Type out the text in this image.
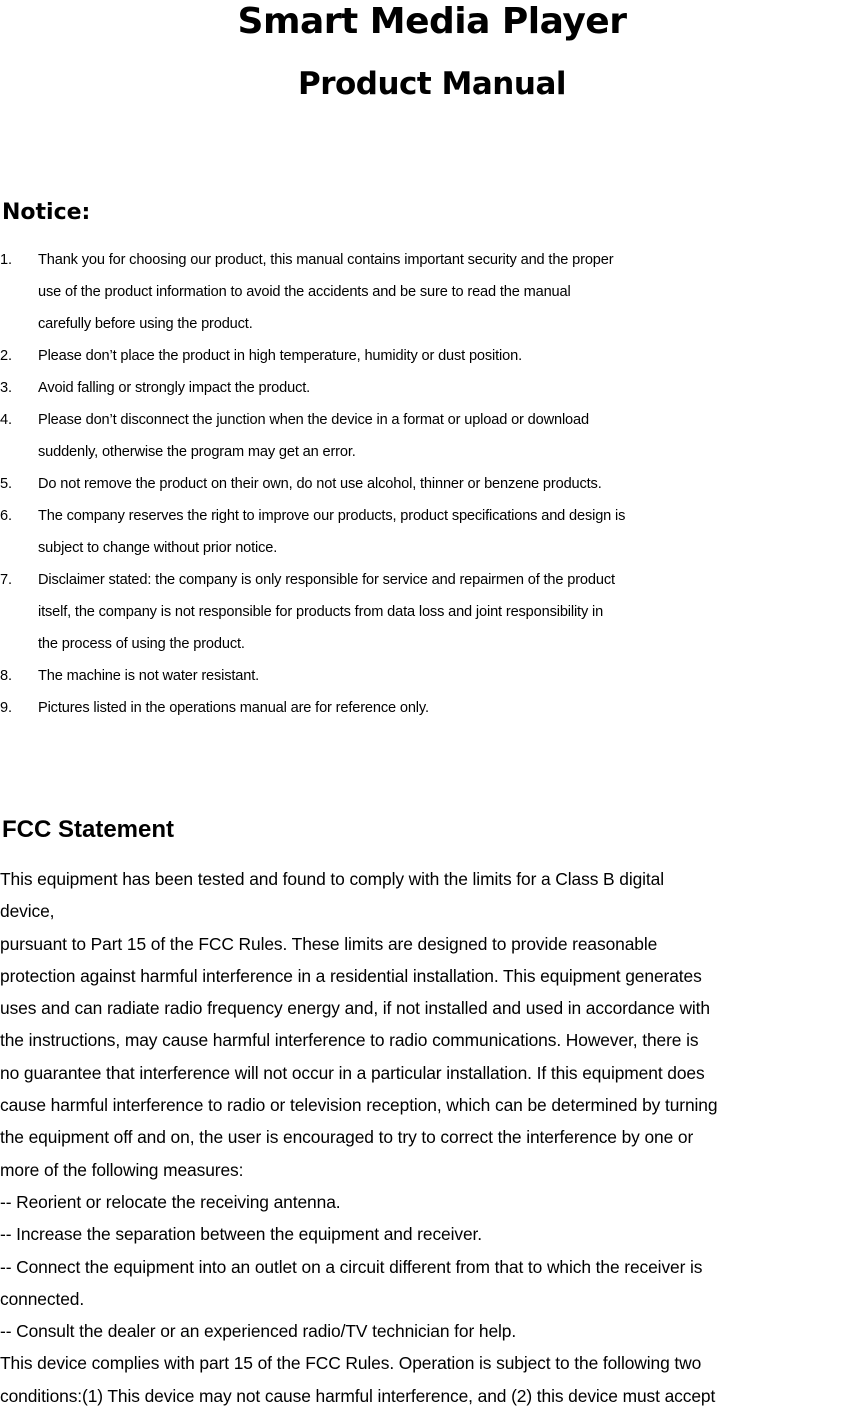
Smart Media Player
Product Manual
Notice:
1. Thank you for choosing our product, this manual contains important security and the proper
use of the product information to avoid the accidents and be sure to read the manual
carefully before using the product.
2. Please don’t place the product in high temperature, humidity or dust position.
3. Avoid falling or strongly impact the product.
4. Please don’t disconnect the junction when the device in a format or upload or download
suddenly, otherwise the program may get an error.
5. Do not remove the product on their own, do not use alcohol, thinner or benzene products.
6. The company reserves the right to improve our products, product specifications and design is
subject to change without prior notice.
7. Disclaimer stated: the company is only responsible for service and repairmen of the product
itself, the company is not responsible for products from data loss and joint responsibility in
the process of using the product.
8. The machine is not water resistant.
9. Pictures listed in the operations manual are for reference only.
FCC Statement
This equipment has been tested and found to comply with the limits for a Class B digital
device,
pursuant to Part 15 of the FCC Rules. These limits are designed to provide reasonable
protection against harmful interference in a residential installation. This equipment generates
uses and can radiate radio frequency energy and, if not installed and used in accordance with
the instructions, may cause harmful interference to radio communications. However, there is
no guarantee that interference will not occur in a particular installation. If this equipment does
cause harmful interference to radio or television reception, which can be determined by turning
the equipment off and on, the user is encouraged to try to correct the interference by one or
more of the following measures:
-- Reorient or relocate the receiving antenna.
-- Increase the separation between the equipment and receiver.
-- Connect the equipment into an outlet on a circuit different from that to which the receiver is
connected.
-- Consult the dealer or an experienced radio/TV technician for help.
This device complies with part 15 of the FCC Rules. Operation is subject to the following two
conditions:(1) This device may not cause harmful interference, and (2) this device must accept
